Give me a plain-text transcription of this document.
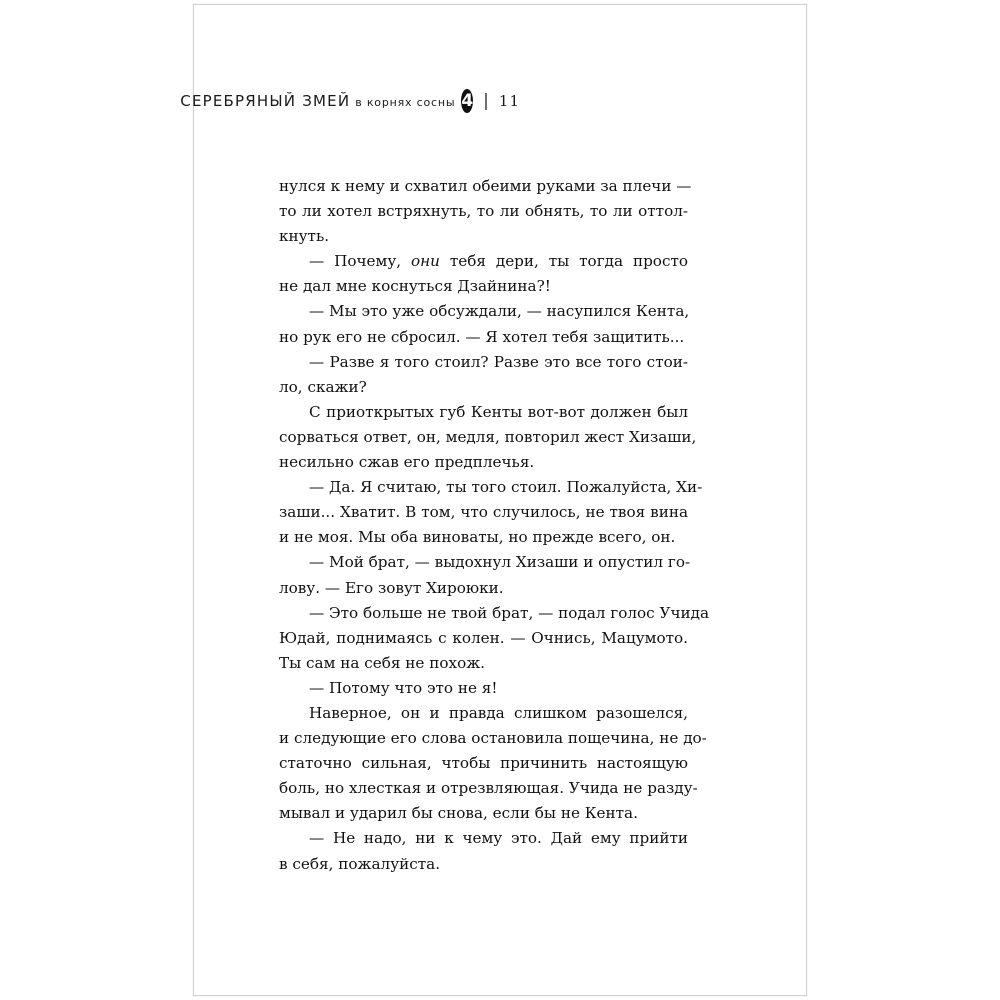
СЕРЕБРЯНЫЙ ЗМЕЙ в корнях сосны 4 | 11
нулся к нему и схватил обеими руками за плечи —
то ли хотел встряхнуть, то ли обнять, то ли оттол-
кнуть.
— Почему, они тебя дери, ты тогда просто
не дал мне коснуться Дзайнина?!
— Мы это уже обсуждали, — насупился Кента,
но рук его не сбросил. — Я хотел тебя защитить...
— Разве я того стоил? Разве это все того стои-
ло, скажи?
С приоткрытых губ Кенты вот-вот должен был
сорваться ответ, он, медля, повторил жест Хизаши,
несильно сжав его предплечья.
— Да. Я считаю, ты того стоил. Пожалуйста, Хи-
заши... Хватит. В том, что случилось, не твоя вина
и не моя. Мы оба виноваты, но прежде всего, он.
— Мой брат, — выдохнул Хизаши и опустил го-
лову. — Его зовут Хироюки.
— Это больше не твой брат, — подал голос Учида
Юдай, поднимаясь с колен. — Очнись, Мацумото.
Ты сам на себя не похож.
— Потому что это не я!
Наверное, он и правда слишком разошелся,
и следующие его слова остановила пощечина, не до-
статочно сильная, чтобы причинить настоящую
боль, но хлесткая и отрезвляющая. Учида не разду-
мывал и ударил бы снова, если бы не Кента.
— Не надо, ни к чему это. Дай ему прийти
в себя, пожалуйста.
